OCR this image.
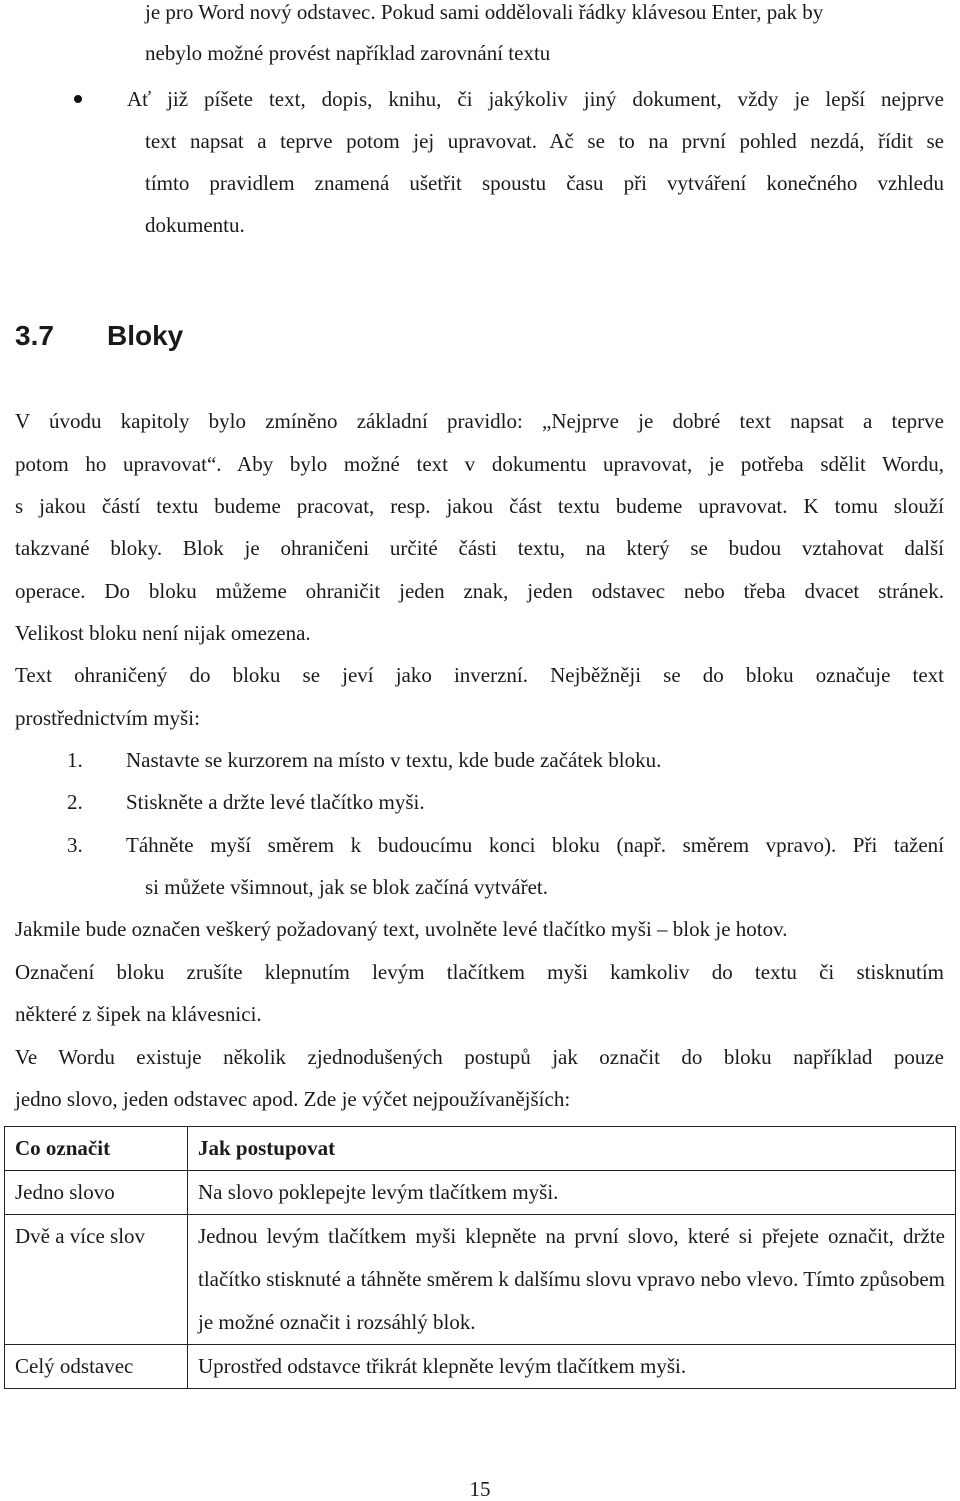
je pro Word nový odstavec. Pokud sami oddělovali řádky klávesou Enter, pak by
nebylo možné provést například zarovnání textu
Ať již píšete text, dopis, knihu, či jakýkoliv jiný dokument, vždy je lepší nejprve
text napsat a teprve potom jej upravovat. Ač se to na první pohled nezdá, řídit se
tímto pravidlem znamená ušetřit spoustu času při vytváření konečného vzhledu
dokumentu.
3.7 Bloky
V úvodu kapitoly bylo zmíněno základní pravidlo: „Nejprve je dobré text napsat a teprve
potom ho upravovat“. Aby bylo možné text v dokumentu upravovat, je potřeba sdělit Wordu,
s jakou částí textu budeme pracovat, resp. jakou část textu budeme upravovat. K tomu slouží
takzvané bloky. Blok je ohraničeni určité části textu, na který se budou vztahovat další
operace. Do bloku můžeme ohraničit jeden znak, jeden odstavec nebo třeba dvacet stránek.
Velikost bloku není nijak omezena.
Text ohraničený do bloku se jeví jako inverzní. Nejběžněji se do bloku označuje text
prostřednictvím myši:
1. Nastavte se kurzorem na místo v textu, kde bude začátek bloku.
2. Stiskněte a držte levé tlačítko myši.
3. Táhněte myší směrem k budoucímu konci bloku (např. směrem vpravo). Při tažení
si můžete všimnout, jak se blok začíná vytvářet.
Jakmile bude označen veškerý požadovaný text, uvolněte levé tlačítko myši – blok je hotov.
Označení bloku zrušíte klepnutím levým tlačítkem myši kamkoliv do textu či stisknutím
některé z šipek na klávesnici.
Ve Wordu existuje několik zjednodušených postupů jak označit do bloku například pouze
jedno slovo, jeden odstavec apod. Zde je výčet nejpoužívanějších:
Co označit	Jak postupovat
Jedno slovo	Na slovo poklepejte levým tlačítkem myši.
Dvě a více slov	Jednou levým tlačítkem myši klepněte na první slovo, které si přejete označit, držte tlačítko stisknuté a táhněte směrem k dalšímu slovu vpravo nebo vlevo. Tímto způsobem je možné označit i rozsáhlý blok.
Celý odstavec	Uprostřed odstavce třikrát klepněte levým tlačítkem myši.
15
